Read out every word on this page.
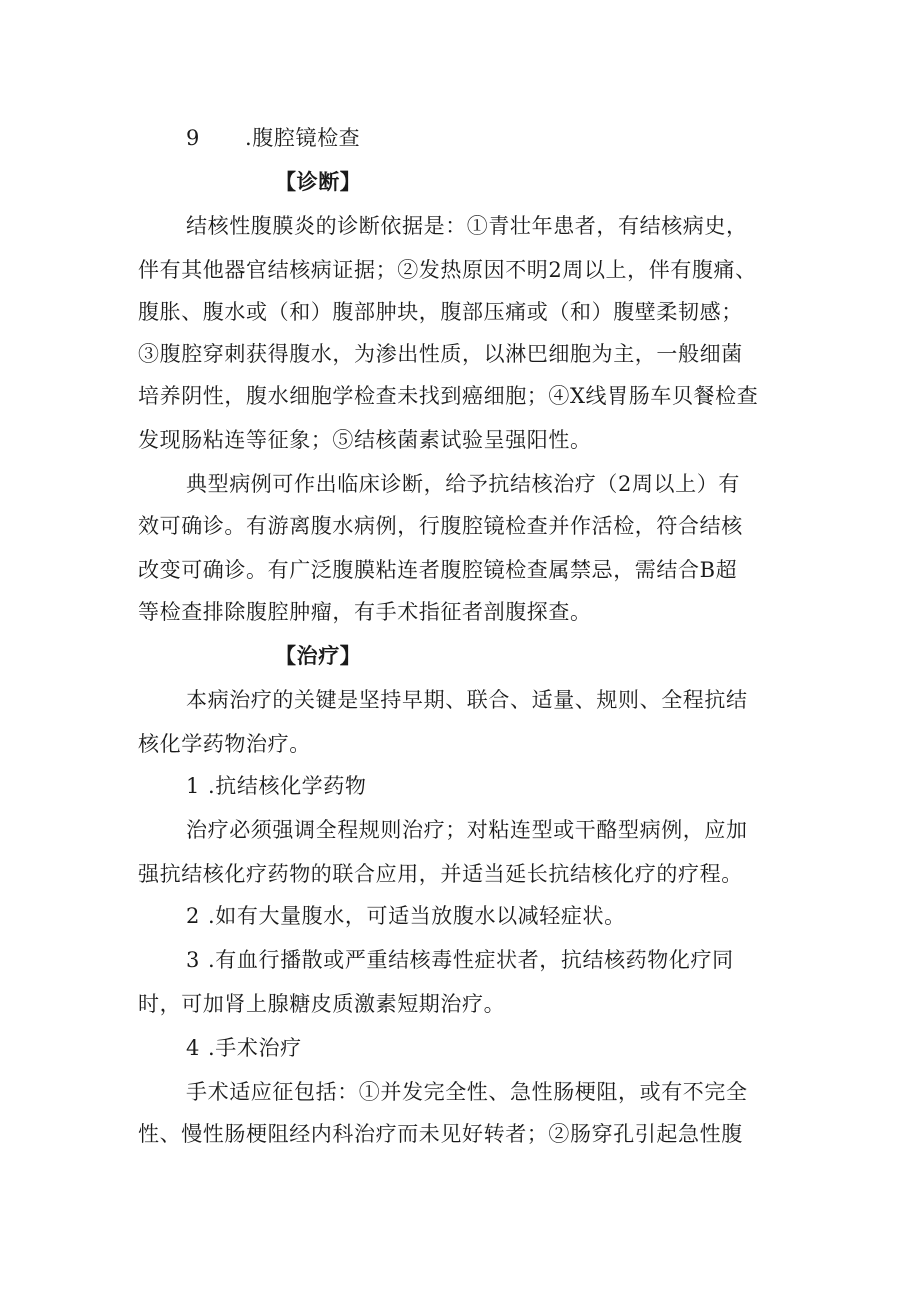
9 .腹腔镜检查
【诊断】
结核性腹膜炎的诊断依据是：①青壮年患者，有结核病史，
伴有其他器官结核病证据；②发热原因不明2周以上，伴有腹痛、
腹胀、腹水或（和）腹部肿块，腹部压痛或（和）腹壁柔韧感；
③腹腔穿刺获得腹水，为渗出性质，以淋巴细胞为主，一般细菌
培养阴性，腹水细胞学检查未找到癌细胞；④X线胃肠车贝餐检查
发现肠粘连等征象；⑤结核菌素试验呈强阳性。
典型病例可作出临床诊断，给予抗结核治疗（2周以上）有
效可确诊。有游离腹水病例，行腹腔镜检查并作活检，符合结核
改变可确诊。有广泛腹膜粘连者腹腔镜检查属禁忌，需结合B超
等检查排除腹腔肿瘤，有手术指征者剖腹探查。
【治疗】
本病治疗的关键是坚持早期、联合、适量、规则、全程抗结
核化学药物治疗。
1 .抗结核化学药物
治疗必须强调全程规则治疗；对粘连型或干酪型病例，应加
强抗结核化疗药物的联合应用，并适当延长抗结核化疗的疗程。
2 .如有大量腹水，可适当放腹水以减轻症状。
3 .有血行播散或严重结核毒性症状者，抗结核药物化疗同
时，可加肾上腺糖皮质激素短期治疗。
4 .手术治疗
手术适应征包括：①并发完全性、急性肠梗阻，或有不完全
性、慢性肠梗阻经内科治疗而未见好转者；②肠穿孔引起急性腹
